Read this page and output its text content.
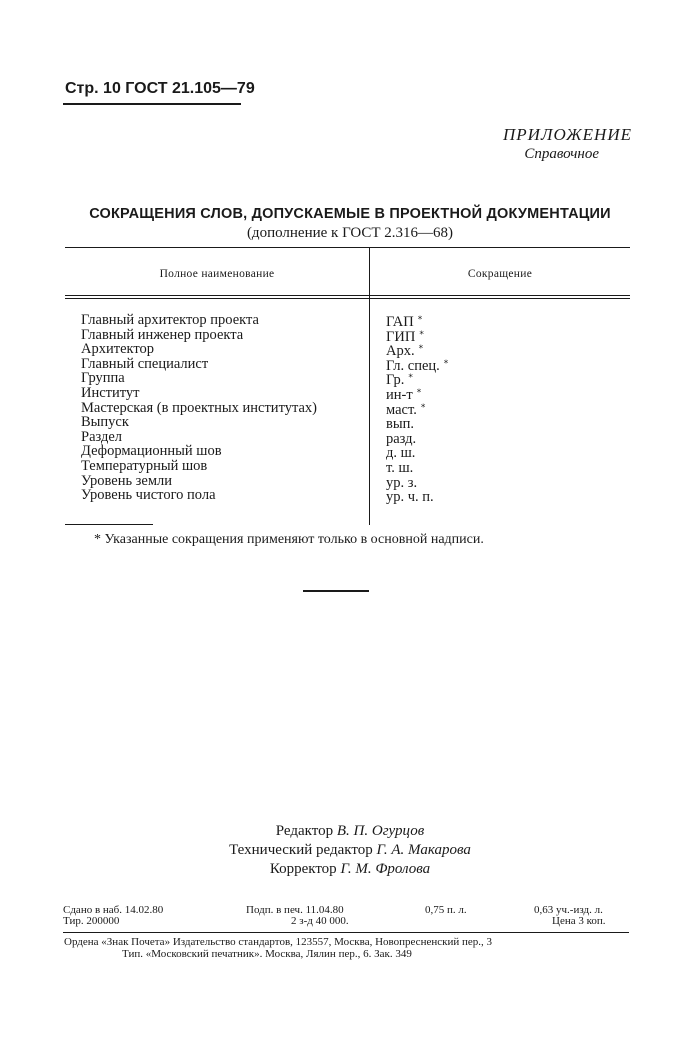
Стр. 10 ГОСТ 21.105—79
ПРИЛОЖЕНИЕ
Справочное
СОКРАЩЕНИЯ СЛОВ, ДОПУСКАЕМЫЕ В ПРОЕКТНОЙ ДОКУМЕНТАЦИИ
(дополнение к ГОСТ 2.316—68)
Полное наименование	Сокращение
Главный архитектор проекта
Главный инженер проекта
Архитектор
Главный специалист
Группа
Институт
Мастерская (в проектных институтах)
Выпуск
Раздел
Деформационный шов
Температурный шов
Уровень земли
Уровень чистого пола
ГАП *
ГИП *
Арх. *
Гл. спец. *
Гр. *
ин-т *
маст. *
вып.
разд.
д. ш.
т. ш.
ур. з.
ур. ч. п.
* Указанные сокращения применяют только в основной надписи.
Редактор В. П. Огурцов
Технический редактор Г. А. Макарова
Корректор Г. М. Фролова
Сдано в наб. 14.02.80
Тир. 200000
Подп. в печ. 11.04.80
2 з-д 40 000.
0,75 п. л.	0,63 уч.-изд. л.
Цена 3 коп.
Ордена «Знак Почета» Издательство стандартов, 123557, Москва, Новопресненский пер., 3
Тип. «Московский печатник». Москва, Лялин пер., 6. Зак. 349
